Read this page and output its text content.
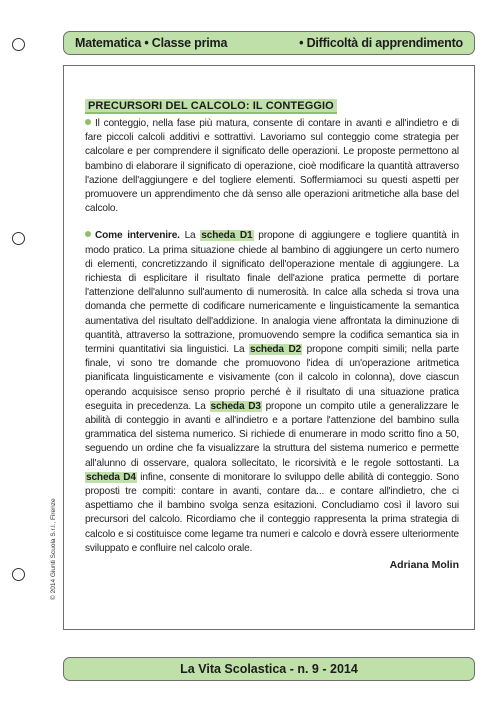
Matematica • Classe prima	• Difficoltà di apprendimento
PRECURSORI DEL CALCOLO: IL CONTEGGIO

Il conteggio, nella fase più matura, consente di contare in avanti e all'indietro e di fare piccoli calcoli additivi e sottrattivi. Lavoriamo sul conteggio come strategia per calcolare e per comprendere il significato delle operazioni. Le proposte permettono al bambino di elaborare il significato di operazione, cioè modificare la quantità attraverso l'azione dell'aggiungere e del togliere elementi. Soffermiamoci su questi aspetti per promuovere un apprendimento che dà senso alle operazioni aritmetiche alla base del calcolo.

Come intervenire. La scheda D1 propone di aggiungere e togliere quantità in modo pratico. La prima situazione chiede al bambino di aggiungere un certo numero di elementi, concretizzando il significato dell'operazione mentale di aggiungere. La richiesta di esplicitare il risultato finale dell'azione pratica permette di portare l'attenzione dell'alunno sull'aumento di numerosità. In calce alla scheda si trova una domanda che permette di codificare numericamente e linguisticamente la semantica aumentativa del risultato dell'addizione. In analogia viene affrontata la diminuzione di quantità, attraverso la sottrazione, promuovendo sempre la codifica semantica sia in termini quantitativi sia linguistici. La scheda D2 propone compiti simili; nella parte finale, vi sono tre domande che promuovono l'idea di un'operazione aritmetica pianificata linguisticamente e visivamente (con il calcolo in colonna), dove ciascun operando acquisisce senso proprio perché è il risultato di una situazione pratica eseguita in precedenza. La scheda D3 propone un compito utile a generalizzare le abilità di conteggio in avanti e all'indietro e a portare l'attenzione del bambino sulla grammatica del sistema numerico. Si richiede di enumerare in modo scritto fino a 50, seguendo un ordine che fa visualizzare la struttura del sistema numerico e permette all'alunno di osservare, qualora sollecitato, le ricorsività e le regole sottostanti. La scheda D4 infine, consente di monitorare lo sviluppo delle abilità di conteggio. Sono proposti tre compiti: contare in avanti, contare da... e contare all'indietro, che ci aspettiamo che il bambino svolga senza esitazioni. Concludiamo così il lavoro sui precursori del calcolo. Ricordiamo che il conteggio rappresenta la prima strategia di calcolo e si costituisce come legame tra numeri e calcolo e dovrà essere ulteriormente sviluppato e confluire nel calcolo orale.

Adriana Molin
© 2014 Giunti Scuola S.r.l., Firenze
La Vita Scolastica - n. 9 - 2014
